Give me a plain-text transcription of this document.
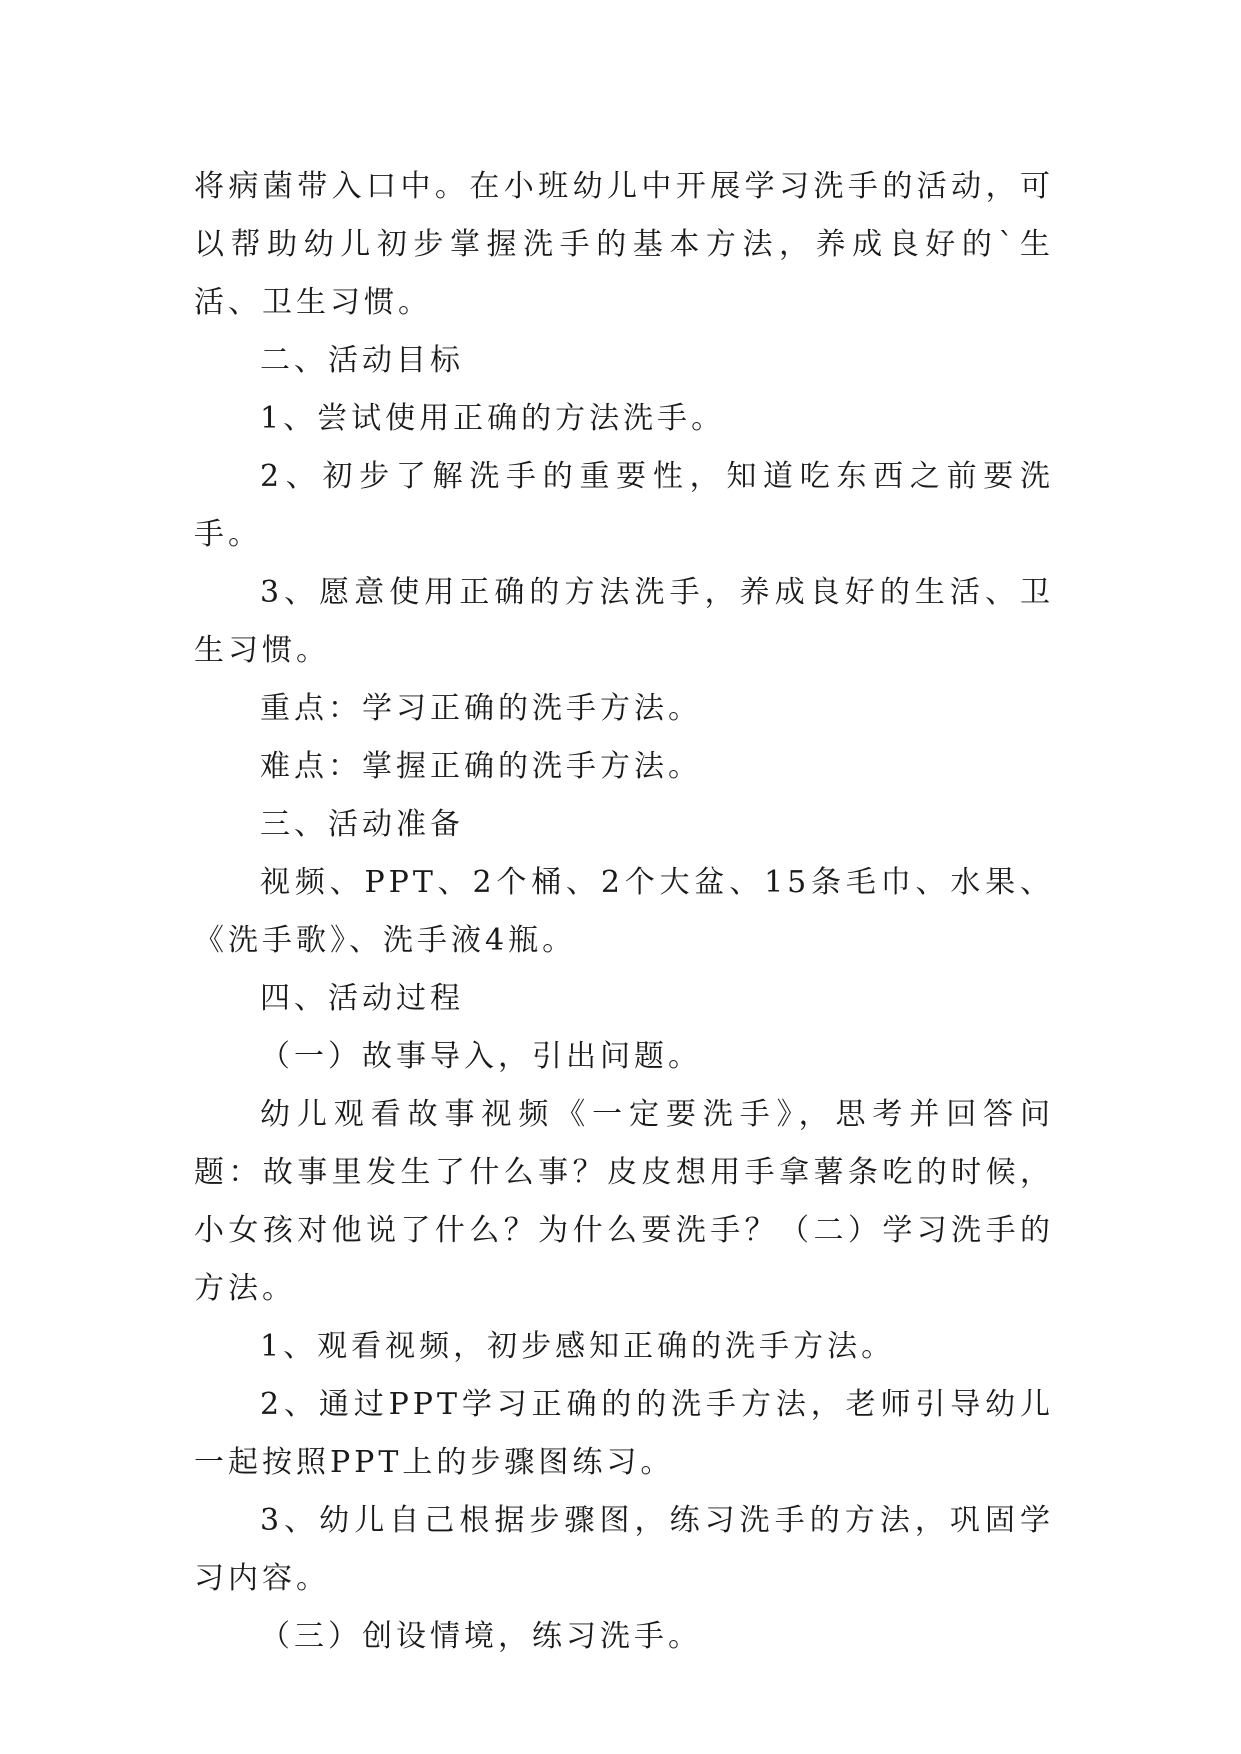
将病菌带入口中。在小班幼儿中开展学习洗手的活动，可以帮助幼儿初步掌握洗手的基本方法，养成良好的`生活、卫生习惯。

二、活动目标

1、尝试使用正确的方法洗手。

2、初步了解洗手的重要性，知道吃东西之前要洗手。

3、愿意使用正确的方法洗手，养成良好的生活、卫生习惯。

重点：学习正确的洗手方法。

难点：掌握正确的洗手方法。

三、活动准备

视频、PPT、2个桶、2个大盆、15条毛巾、水果、《洗手歌》、洗手液4瓶。

四、活动过程

（一）故事导入，引出问题。

幼儿观看故事视频《一定要洗手》，思考并回答问题：故事里发生了什么事？皮皮想用手拿薯条吃的时候，小女孩对他说了什么？为什么要洗手？（二）学习洗手的方法。

1、观看视频，初步感知正确的洗手方法。

2、通过PPT学习正确的的洗手方法，老师引导幼儿一起按照PPT上的步骤图练习。

3、幼儿自己根据步骤图，练习洗手的方法，巩固学习内容。

（三）创设情境，练习洗手。
